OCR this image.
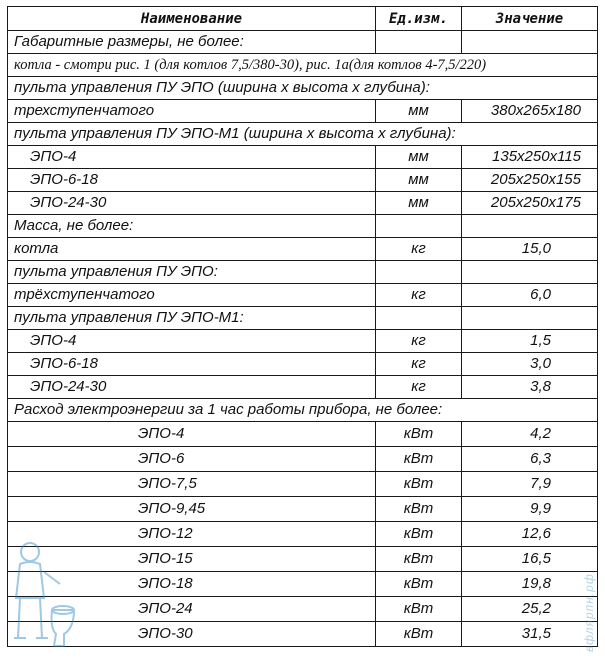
Наименование	Ед.изм.	Значение
Габаритные размеры, не более:		
котла - смотри рис. 1 (для котлов 7,5/380-30), рис. 1а(для котлов 4-7,5/220)		
пульта управления ПУ ЭПО (ширина х высота х глубина):		
трехступенчатого	мм	380x265x180
пульта управления ПУ ЭПО-М1 (ширина х высота х глубина):		
ЭПО-4	мм	135x250x115
ЭПО-6-18	мм	205x250x155
ЭПО-24-30	мм	205x250x175
Масса, не более:		
котла	кг	15,0
пульта управления ПУ ЭПО:		
трёхступенчатого	кг	6,0
пульта управления ПУ ЭПО-М1:		
ЭПО-4	кг	1,5
ЭПО-6-18	кг	3,0
ЭПО-24-30	кг	3,8
Расход электроэнергии за 1 час работы прибора, не более:		
ЭПО-4	кВт	4,2
ЭПО-6	кВт	6,3
ЭПО-7,5	кВт	7,9
ЭПО-9,45	кВт	9,9
ЭПО-12	кВт	12,6
ЭПО-15	кВт	16,5
ЭПО-18	кВт	19,8
ЭПО-24	кВт	25,2
ЭПО-30	кВт	31,5	вфлярпн.рф
